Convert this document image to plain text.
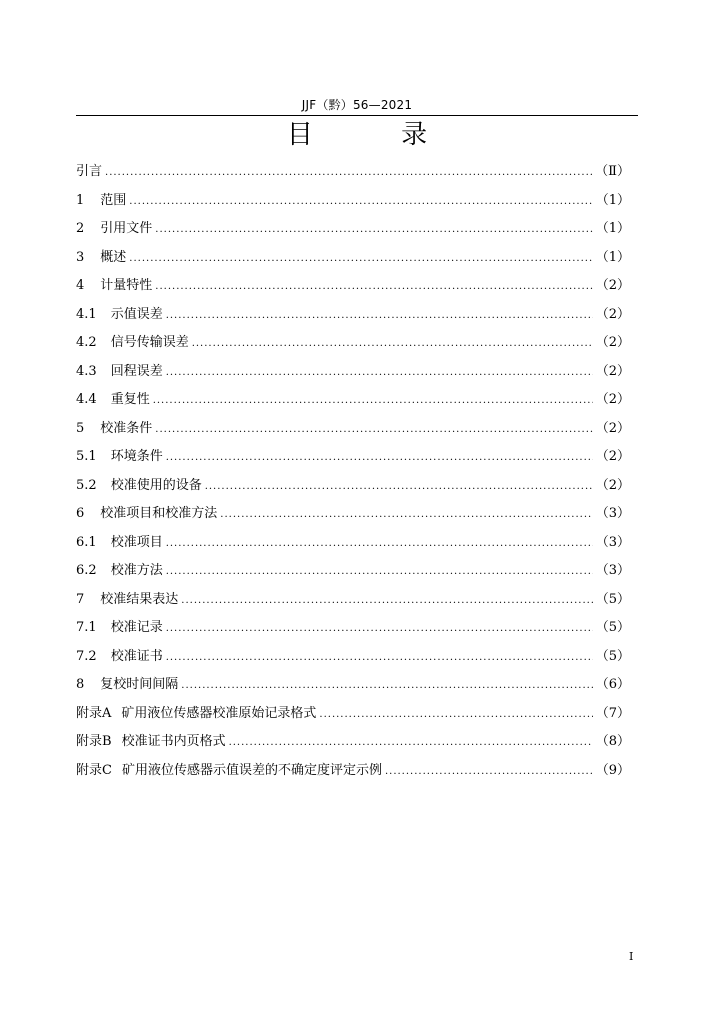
JJF（黔）56—2021
目 录
引言 .....	（Ⅱ）
1 范围 .....	（1）
2 引用文件 .....	（1）
3 概述 .....	（1）
4 计量特性 .....	（2）
4.1 示值误差 .....	（2）
4.2 信号传输误差 .....	（2）
4.3 回程误差 .....	（2）
4.4 重复性 .....	（2）
5 校准条件 .....	（2）
5.1 环境条件 .....	（2）
5.2 校准使用的设备 .....	（2）
6 校准项目和校准方法 .....	（3）
6.1 校准项目 .....	（3）
6.2 校准方法 .....	（3）
7 校准结果表达 .....	（5）
7.1 校准记录 .....	（5）
7.2 校准证书 .....	（5）
8 复校时间间隔 .....	（6）
附录A 矿用液位传感器校准原始记录格式 .....	（7）
附录B 校准证书内页格式 .....	（8）
附录C 矿用液位传感器示值误差的不确定度评定示例 .....	（9）
I
